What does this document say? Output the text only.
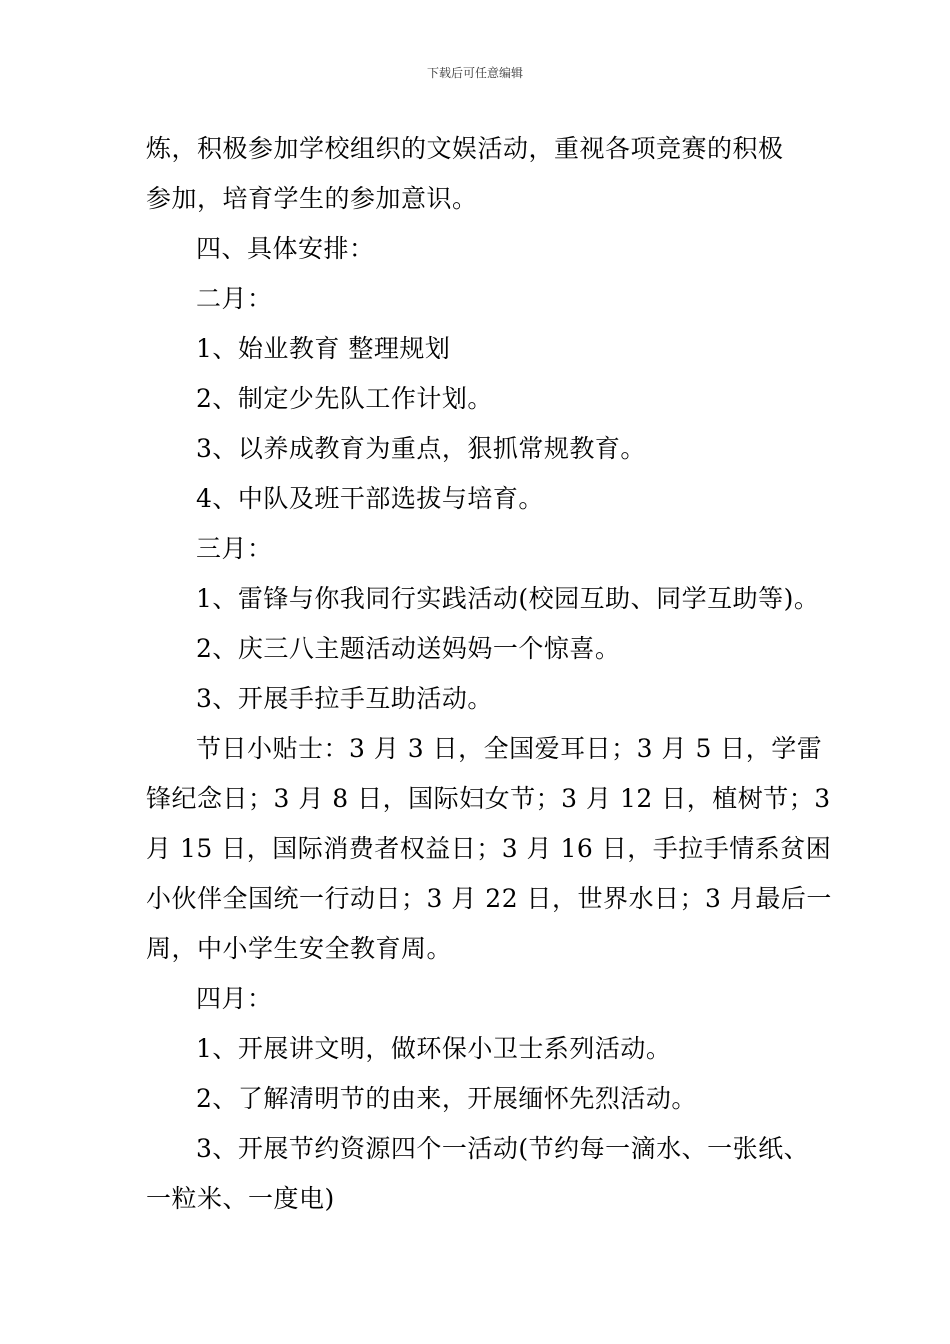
下载后可任意编辑
炼，积极参加学校组织的文娱活动，重视各项竞赛的积极
参加，培育学生的参加意识。
四、具体安排：
二月：
1、始业教育 整理规划
2、制定少先队工作计划。
3、以养成教育为重点，狠抓常规教育。
4、中队及班干部选拔与培育。
三月：
1、雷锋与你我同行实践活动(校园互助、同学互助等)。
2、庆三八主题活动送妈妈一个惊喜。
3、开展手拉手互助活动。
节日小贴士：3 月 3 日，全国爱耳日；3 月 5 日，学雷
锋纪念日；3 月 8 日，国际妇女节；3 月 12 日，植树节；3
月 15 日，国际消费者权益日；3 月 16 日，手拉手情系贫困
小伙伴全国统一行动日；3 月 22 日，世界水日；3 月最后一
周，中小学生安全教育周。
四月：
1、开展讲文明，做环保小卫士系列活动。
2、了解清明节的由来，开展缅怀先烈活动。
3、开展节约资源四个一活动(节约每一滴水、一张纸、
一粒米、一度电)
